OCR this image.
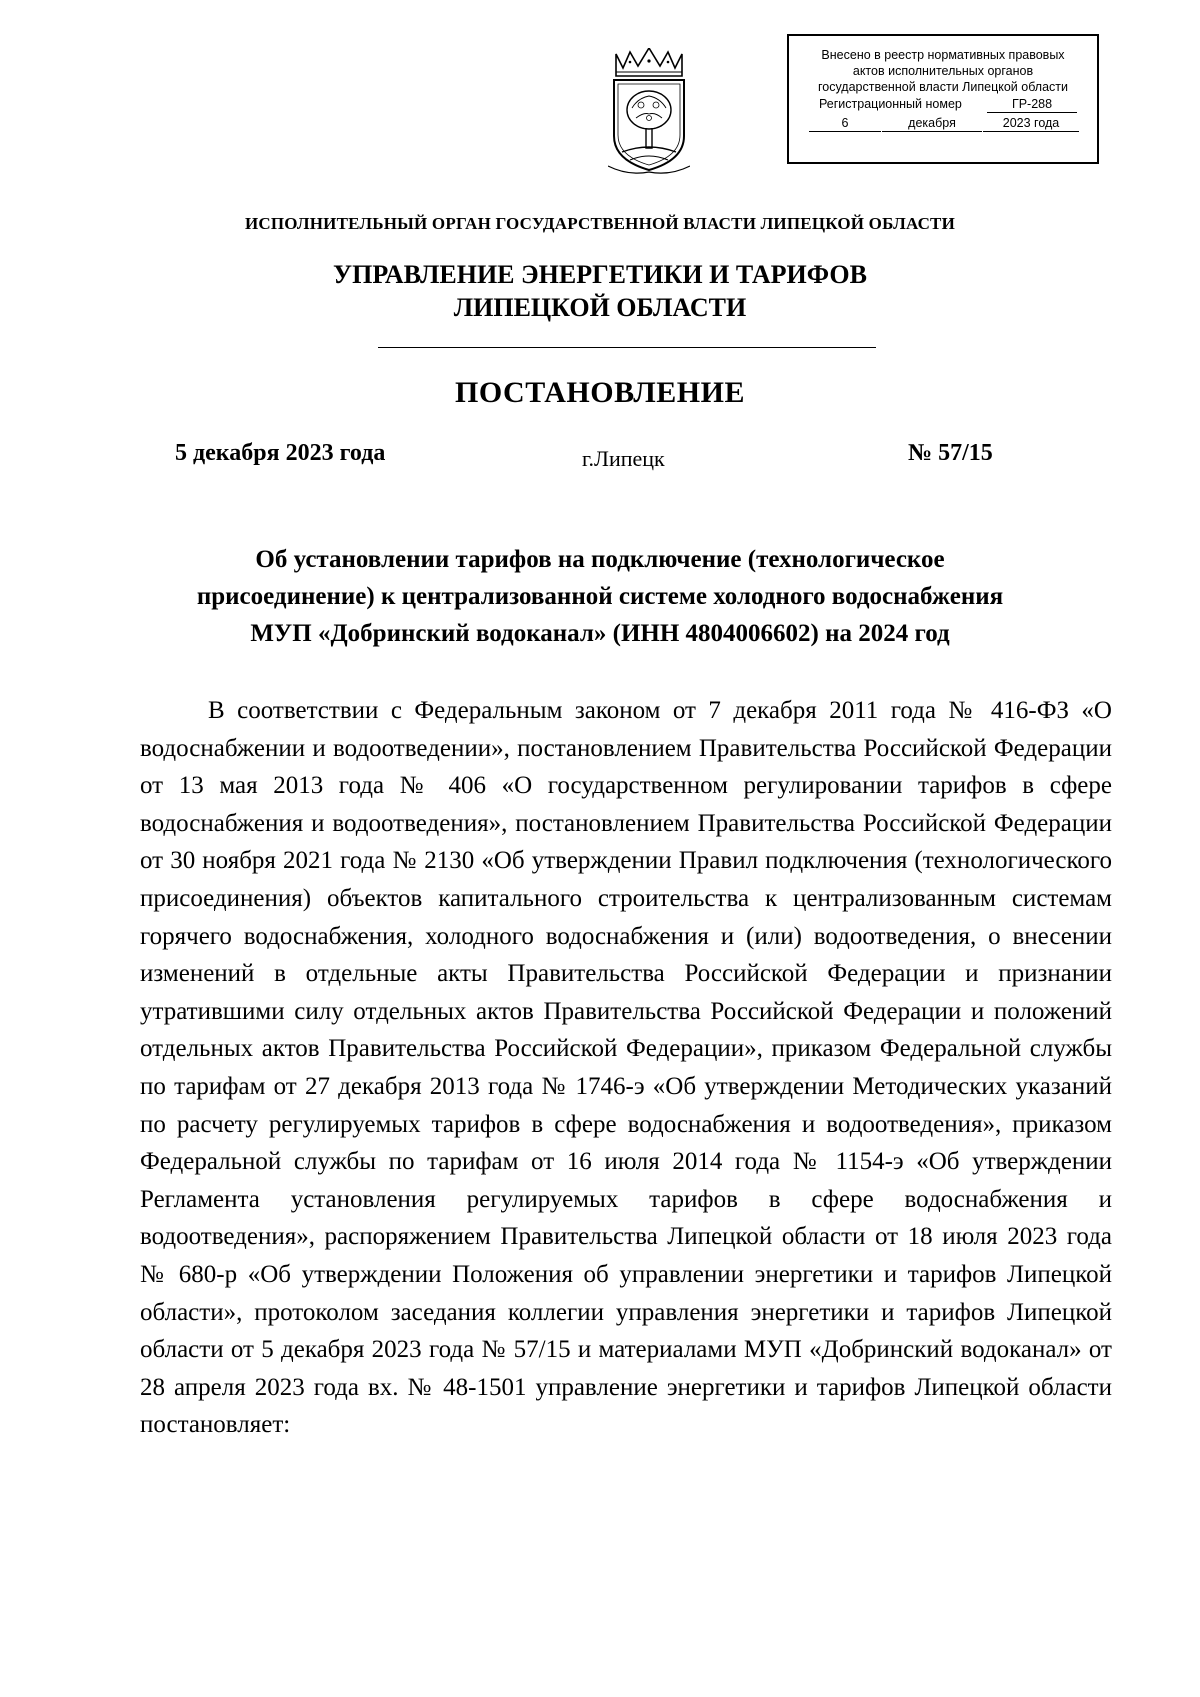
Внесено в реестр нормативных правовых
актов исполнительных органов
государственной власти Липецкой области
Регистрационный номер	ГР-288
6	декабря	2023 года
ИСПОЛНИТЕЛЬНЫЙ ОРГАН ГОСУДАРСТВЕННОЙ ВЛАСТИ ЛИПЕЦКОЙ ОБЛАСТИ
УПРАВЛЕНИЕ ЭНЕРГЕТИКИ И ТАРИФОВ
ЛИПЕЦКОЙ ОБЛАСТИ
ПОСТАНОВЛЕНИЕ
5 декабря 2023 года	г.Липецк	№ 57/15
Об установлении тарифов на подключение (технологическое
присоединение) к централизованной системе холодного водоснабжения
МУП «Добринский водоканал» (ИНН 4804006602) на 2024 год

В соответствии с Федеральным законом от 7 декабря 2011 года № 416-ФЗ «О водоснабжении и водоотведении», постановлением Правительства Российской Федерации от 13 мая 2013 года № 406 «О государственном регулировании тарифов в сфере водоснабжения и водоотведения», постановлением Правительства Российской Федерации от 30 ноября 2021 года № 2130 «Об утверждении Правил подключения (технологического присоединения) объектов капитального строительства к централизованным системам горячего водоснабжения, холодного водоснабжения и (или) водоотведения, о внесении изменений в отдельные акты Правительства Российской Федерации и признании утратившими силу отдельных актов Правительства Российской Федерации и положений отдельных актов Правительства Российской Федерации», приказом Федеральной службы по тарифам от 27 декабря 2013 года № 1746-э «Об утверждении Методических указаний по расчету регулируемых тарифов в сфере водоснабжения и водоотведения», приказом Федеральной службы по тарифам от 16 июля 2014 года № 1154-э «Об утверждении Регламента установления регулируемых тарифов в сфере водоснабжения и водоотведения», распоряжением Правительства Липецкой области от 18 июля 2023 года № 680-р «Об утверждении Положения об управлении энергетики и тарифов Липецкой области», протоколом заседания коллегии управления энергетики и тарифов Липецкой области от 5 декабря 2023 года № 57/15 и материалами МУП «Добринский водоканал» от 28 апреля 2023 года вх. № 48-1501 управление энергетики и тарифов Липецкой области постановляет:
